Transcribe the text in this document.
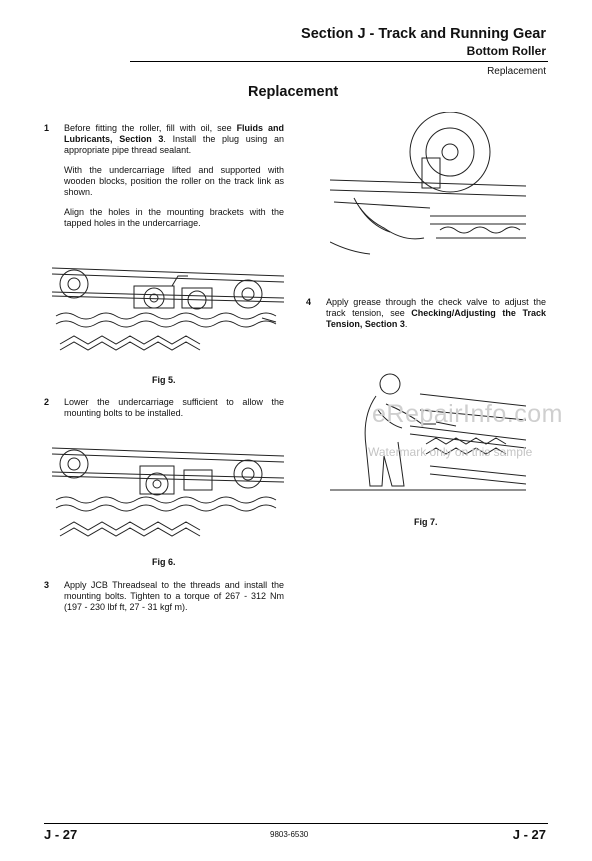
Section J - Track and Running Gear
Bottom Roller
Replacement
Replacement
1 Before fitting the roller, fill with oil, see Fluids and Lubricants, Section 3. Install the plug using an appropriate pipe thread sealant.

With the undercarriage lifted and supported with wooden blocks, position the roller on the track link as shown.

Align the holes in the mounting brackets with the tapped holes in the undercarriage.

Fig 5.
2 Lower the undercarriage sufficient to allow the mounting bolts to be installed.

Fig 6.
3 Apply JCB Threadseal to the threads and install the mounting bolts. Tighten to a torque of 267 - 312 Nm (197 - 230 lbf ft, 27 - 31 kgf m).

4 Apply grease through the check valve to adjust the track tension, see Checking/Adjusting the Track Tension, Section 3.

Fig 7.
eRepairInfo.com
Watermark only on this sample
J - 27	9803-6530	J - 27
